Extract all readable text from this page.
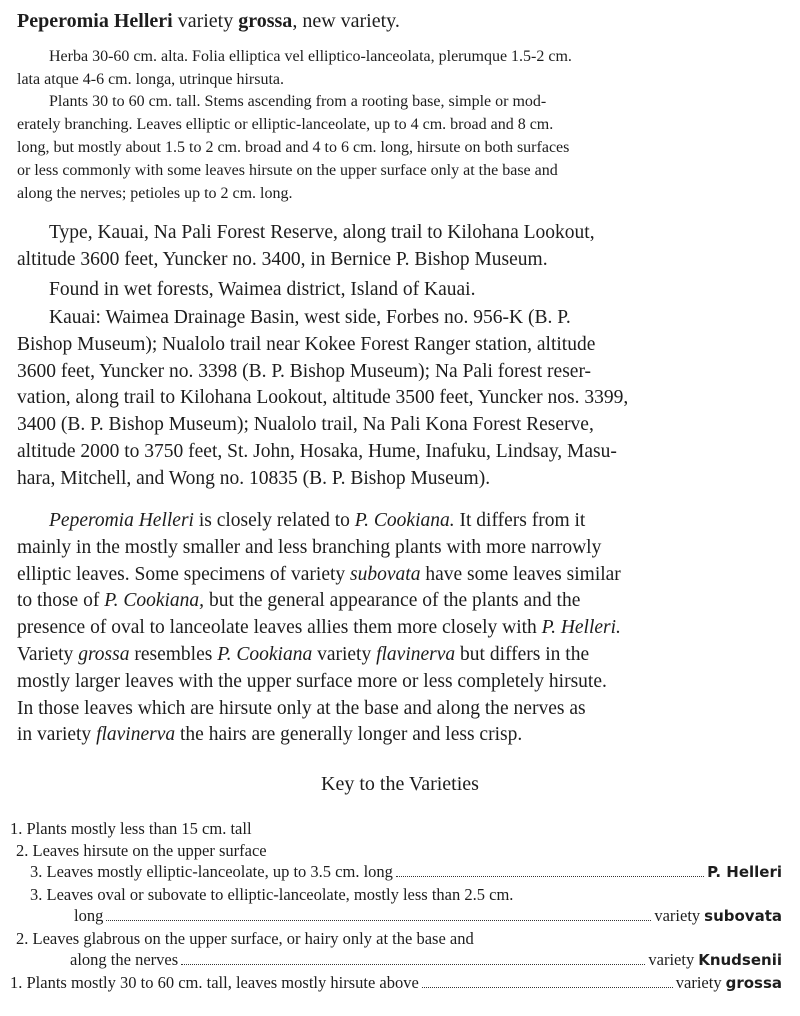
Peperomia Helleri variety grossa, new variety.
Herba 30-60 cm. alta. Folia elliptica vel elliptico-lanceolata, plerumque 1.5-2 cm.
lata atque 4-6 cm. longa, utrinque hirsuta.
Plants 30 to 60 cm. tall. Stems ascending from a rooting base, simple or mod-
erately branching. Leaves elliptic or elliptic-lanceolate, up to 4 cm. broad and 8 cm.
long, but mostly about 1.5 to 2 cm. broad and 4 to 6 cm. long, hirsute on both surfaces
or less commonly with some leaves hirsute on the upper surface only at the base and
along the nerves; petioles up to 2 cm. long.
Type, Kauai, Na Pali Forest Reserve, along trail to Kilohana Lookout,
altitude 3600 feet, Yuncker no. 3400, in Bernice P. Bishop Museum.
Found in wet forests, Waimea district, Island of Kauai.
Kauai: Waimea Drainage Basin, west side, Forbes no. 956-K (B. P.
Bishop Museum); Nualolo trail near Kokee Forest Ranger station, altitude
3600 feet, Yuncker no. 3398 (B. P. Bishop Museum); Na Pali forest reser-
vation, along trail to Kilohana Lookout, altitude 3500 feet, Yuncker nos. 3399,
3400 (B. P. Bishop Museum); Nualolo trail, Na Pali Kona Forest Reserve,
altitude 2000 to 3750 feet, St. John, Hosaka, Hume, Inafuku, Lindsay, Masu-
hara, Mitchell, and Wong no. 10835 (B. P. Bishop Museum).
Peperomia Helleri is closely related to P. Cookiana. It differs from it
mainly in the mostly smaller and less branching plants with more narrowly
elliptic leaves. Some specimens of variety subovata have some leaves similar
to those of P. Cookiana, but the general appearance of the plants and the
presence of oval to lanceolate leaves allies them more closely with P. Helleri.
Variety grossa resembles P. Cookiana variety flavinerva but differs in the
mostly larger leaves with the upper surface more or less completely hirsute.
In those leaves which are hirsute only at the base and along the nerves as
in variety flavinerva the hairs are generally longer and less crisp.
Key to the Varieties
1. Plants mostly less than 15 cm. tall
2. Leaves hirsute on the upper surface
3. Leaves mostly elliptic-lanceolate, up to 3.5 cm. long	P. Helleri
3. Leaves oval or subovate to elliptic-lanceolate, mostly less than 2.5 cm.
long	variety subovata
2. Leaves glabrous on the upper surface, or hairy only at the base and
along the nerves	variety Knudsenii
1. Plants mostly 30 to 60 cm. tall, leaves mostly hirsute above	variety grossa
